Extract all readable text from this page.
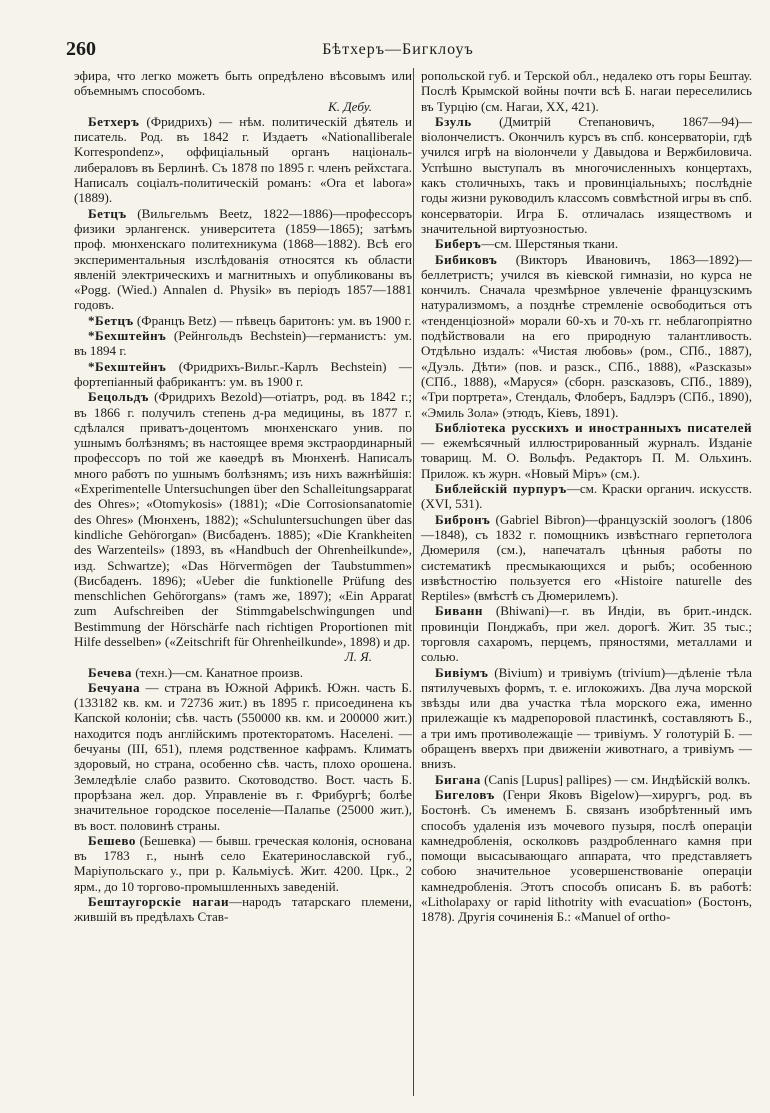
260	Бѣтхеръ—Бигклоуъ

эфира, что легко можетъ быть опредѣлено вѣсовымъ или объемнымъ способомъ.

К. Дебу.

Бетхеръ (Фридрихъ) — нѣм. политическій дѣятель и писатель. Род. въ 1842 г. Издаетъ «Nationalliberale Korrespondenz», оффиціальный органъ національ-либераловъ въ Берлинѣ. Съ 1878 по 1895 г. членъ рейхстага. Написалъ соціалъ-политическій романъ: «Ora et labora» (1889).

Бетцъ (Вильгельмъ Beetz, 1822—1886)—профессоръ физики эрлангенск. университета (1859—1865); затѣмъ проф. мюнхенскаго политехникума (1868—1882). Всѣ его экспериментальныя изслѣдованія относятся къ области явленій электрическихъ и магнитныхъ и опубликованы въ «Pogg. (Wied.) Annalen d. Physik» въ періодъ 1857—1881 годовъ.

*Бетцъ (Францъ Betz) — пѣвецъ баритонъ: ум. въ 1900 г.

*Бехштейнъ (Рейнгольдъ Bechstein)—германистъ: ум. въ 1894 г.

*Бехштейнъ (Фридрихъ-Вильг.-Карлъ Bechstein) — фортепіанный фабрикантъ: ум. въ 1900 г.

Бецольдъ (Фридрихъ Bezold)—отіатръ, род. въ 1842 г.; въ 1866 г. получилъ степень д-ра медицины, въ 1877 г. сдѣлался приватъ-доцентомъ мюнхенскаго унив. по ушнымъ болѣзнямъ; въ настоящее время экстраординарный профессоръ по той же каѳедрѣ въ Мюнхенѣ. Написалъ много работъ по ушнымъ болѣзнямъ; изъ нихъ важнѣйшія: «Experimentelle Untersuchungen über den Schalleitungsapparat des Ohres»; «Otomykosis» (1881); «Die Corrosionsanatomie des Ohres» (Мюнхенъ, 1882); «Schuluntersuchungen über das kindliche Gehörorgan» (Висбаденъ. 1885); «Die Krankheiten des Warzenteils» (1893, въ «Handbuch der Ohrenheilkunde», изд. Schwartze); «Das Hörvermögen der Taubstummen» (Висбаденъ. 1896); «Ueber die funktionelle Prüfung des menschlichen Gehörorgans» (тамъ же, 1897); «Ein Apparat zum Aufschreiben der Stimmgabelschwingungen und Bestimmung der Hörschärfe nach richtigen Proportionen mit Hilfe desselben» («Zeitschrift für Ohrenheilkunde», 1898) и др.

Л. Я.

Бечева (техн.)—см. Канатное произв.

Бечуана — страна въ Южной Африкѣ. Южн. часть Б. (133182 кв. км. и 72736 жит.) въ 1895 г. присоединена къ Капской колоніи; сѣв. часть (550000 кв. км. и 200000 жит.) находится подъ англійскимъ протекторатомъ. Населені. — бечуаны (III, 651), племя родственное кафрамъ. Климатъ здоровый, но страна, особенно сѣв. часть, плохо орошена. Земледѣліе слабо развито. Скотоводство. Вост. часть Б. прорѣзана жел. дор. Управленіе въ г. Фрибургѣ; болѣе значительное городское поселеніе—Палапье (25000 жит.), въ вост. половинѣ страны.

Бешево (Бешевка) — бывш. греческая колонія, основана въ 1783 г., нынѣ село Екатеринославской губ., Маріупольскаго у., при р. Кальміусѣ. Жит. 4200. Црк., 2 ярм., до 10 торгово-промышленныхъ заведеній.

Бештаугорскіе нагаи—народъ татарскаго племени, жившій въ предѣлахъ Став-

ропольской губ. и Терской обл., недалеко отъ горы Бештау. Послѣ Крымской войны почти всѣ Б. нагаи переселились въ Турцію (см. Нагаи, XX, 421).

Бзуль (Дмитрій Степановичъ, 1867—94)—віолончелистъ. Окончилъ курсъ въ спб. консерваторіи, гдѣ учился игрѣ на віолончели у Давыдова и Вержбиловича. Успѣшно выступалъ въ многочисленныхъ концертахъ, какъ столичныхъ, такъ и провинціальныхъ; послѣдніе годы жизни руководилъ классомъ совмѣстной игры въ спб. консерваторіи. Игра Б. отличалась изяществомъ и значительной виртуозностью.

Биберъ—см. Шерстяныя ткани.

Бибиковъ (Викторъ Ивановичъ, 1863—1892)—беллетристъ; учился въ кіевской гимназіи, но курса не кончилъ. Сначала чрезмѣрное увлеченіе французскимъ натурализмомъ, а позднѣе стремленіе освободиться отъ «тенденціозной» морали 60-хъ и 70-хъ гг. неблагопріятно подѣйствовали на его природную талантливость. Отдѣльно издалъ: «Чистая любовь» (ром., СПб., 1887), «Дуэль. Дѣти» (пов. и разск., СПб., 1888), «Разсказы» (СПб., 1888), «Маруся» (сборн. разсказовъ, СПб., 1889), «Три портрета», Стендаль, Флоберъ, Бадлэръ (СПб., 1890), «Эмиль Зола» (этюдъ, Кіевъ, 1891).

Библіотека русскихъ и иностранныхъ писателей — ежемѣсячный иллюстрированный журналъ. Изданіе товарищ. М. О. Вольфъ. Редакторъ П. М. Ольхинъ. Прилож. къ журн. «Новый Міръ» (см.).

Библейскій пурпуръ—см. Краски органич. искусств. (XVI, 531).

Бибронъ (Gabriel Bibron)—французскій зоологъ (1806—1848), съ 1832 г. помощникъ извѣстнаго герпетолога Дюмериля (см.), напечаталъ цѣнныя работы по систематикѣ пресмыкающихся и рыбъ; особенною извѣстностію пользуется его «Histoire naturelle des Reptiles» (вмѣстѣ съ Дюмерилемъ).

Биванн (Bhiwani)—г. въ Индіи, въ брит.-индск. провинціи Понджабъ, при жел. дорогѣ. Жит. 35 тыс.; торговля сахаромъ, перцемъ, пряностями, металлами и солью.

Бивіумъ (Bivium) и тривіумъ (trivium)—дѣленіе тѣла пятилучевыхъ формъ, т. е. иглокожихъ. Два луча морской звѣзды или два участка тѣла морского ежа, именно прилежащіе къ мадрепоровой пластинкѣ, составляютъ Б., а три имъ противолежащіе — тривіумъ. У голотурій Б. — обращенъ вверхъ при движеніи животнаго, а тривіумъ — внизъ.

Бигана (Canis [Lupus] pallipes) — см. Индѣйскій волкъ.

Бигеловъ (Генри Яковъ Bigelow)—хирургъ, род. въ Бостонѣ. Съ именемъ Б. связанъ изобрѣтенный имъ способъ удаленія изъ мочевого пузыря, послѣ операціи камнедробленія, осколковъ раздробленнаго камня при помощи высасывающаго аппарата, что представляетъ собою значительное усовершенствованіе операціи камнедробленія. Этотъ способъ описанъ Б. въ работѣ: «Litholapaxy or rapid lithotrity with evacuation» (Бостонъ, 1878). Другія сочиненія Б.: «Manuel of ortho-
